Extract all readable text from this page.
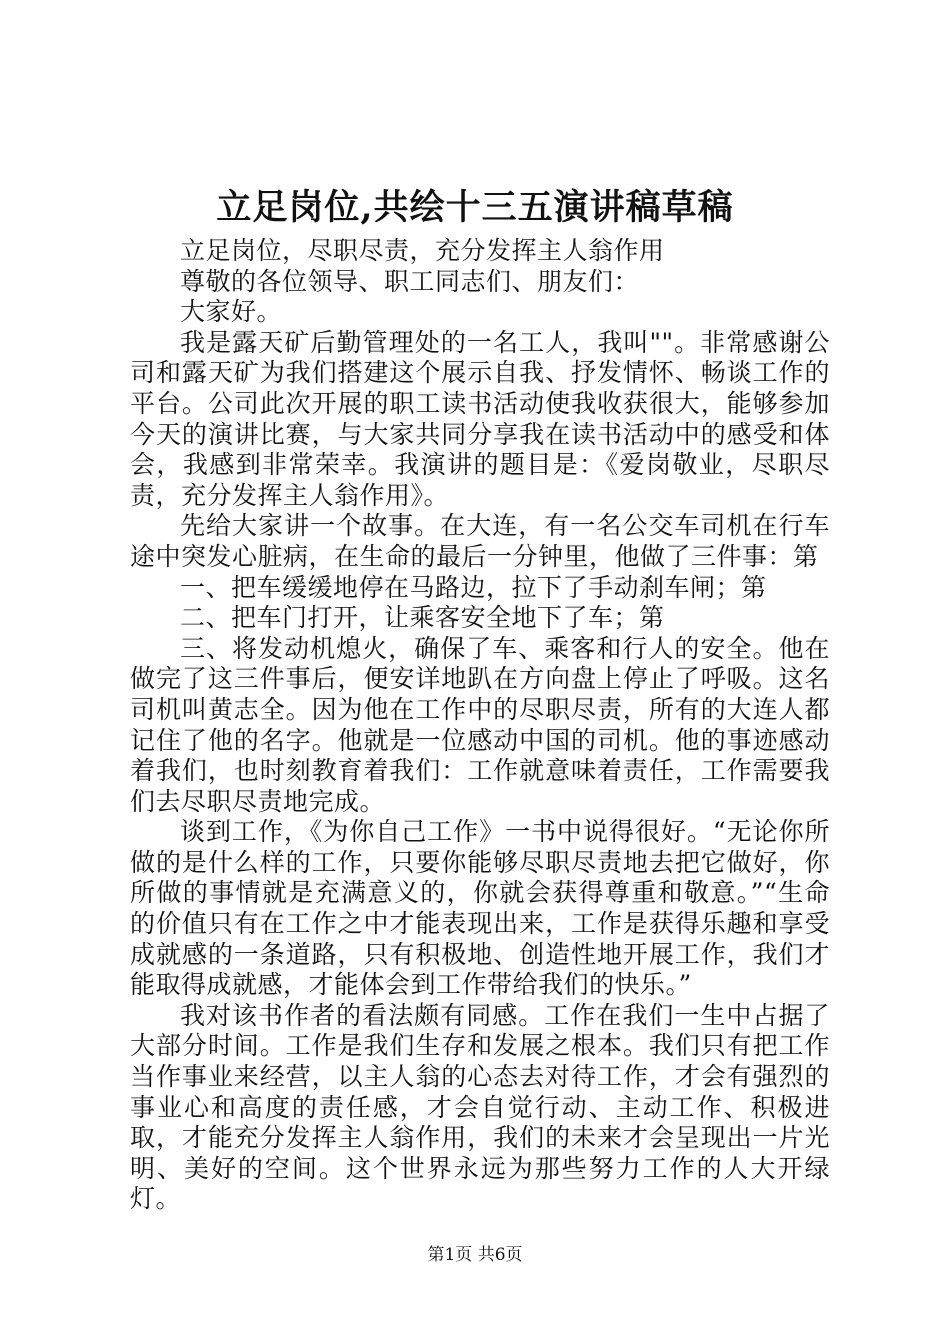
立足岗位,共绘十三五演讲稿草稿

立足岗位，尽职尽责，充分发挥主人翁作用

尊敬的各位领导、职工同志们、朋友们：

大家好。

我是露天矿后勤管理处的一名工人，我叫""。非常感谢公司和露天矿为我们搭建这个展示自我、抒发情怀、畅谈工作的平台。公司此次开展的职工读书活动使我收获很大，能够参加今天的演讲比赛，与大家共同分享我在读书活动中的感受和体会，我感到非常荣幸。我演讲的题目是：《爱岗敬业，尽职尽责，充分发挥主人翁作用》。

先给大家讲一个故事。在大连，有一名公交车司机在行车途中突发心脏病，在生命的最后一分钟里，他做了三件事：第

一、把车缓缓地停在马路边，拉下了手动刹车闸；第

二、把车门打开，让乘客安全地下了车；第

三、将发动机熄火，确保了车、乘客和行人的安全。他在做完了这三件事后，便安详地趴在方向盘上停止了呼吸。这名司机叫黄志全。因为他在工作中的尽职尽责，所有的大连人都记住了他的名字。他就是一位感动中国的司机。他的事迹感动着我们，也时刻教育着我们：工作就意味着责任，工作需要我们去尽职尽责地完成。

谈到工作，《为你自己工作》一书中说得很好。“无论你所做的是什么样的工作，只要你能够尽职尽责地去把它做好，你所做的事情就是充满意义的，你就会获得尊重和敬意。”“生命的价值只有在工作之中才能表现出来，工作是获得乐趣和享受成就感的一条道路，只有积极地、创造性地开展工作，我们才能取得成就感，才能体会到工作带给我们的快乐。”

我对该书作者的看法颇有同感。工作在我们一生中占据了大部分时间。工作是我们生存和发展之根本。我们只有把工作当作事业来经营，以主人翁的心态去对待工作，才会有强烈的事业心和高度的责任感，才会自觉行动、主动工作、积极进取，才能充分发挥主人翁作用，我们的未来才会呈现出一片光明、美好的空间。这个世界永远为那些努力工作的人大开绿灯。

第1页 共6页
